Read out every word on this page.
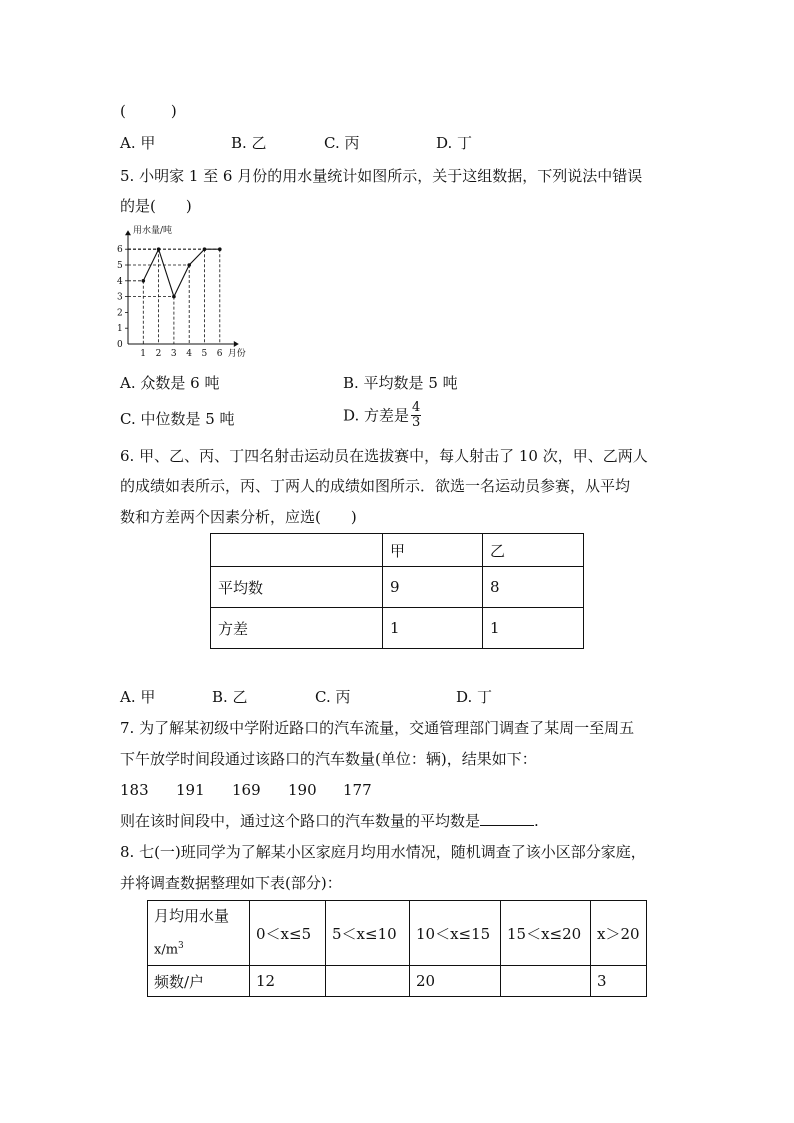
(　　　)
A. 甲	B. 乙	C. 丙	D. 丁
5. 小明家 1 至 6 月份的用水量统计如图所示，关于这组数据，下列说法中错误
的是(　　)
用水量/吨
月份
0
1
2
3
4
5
6
1 2 3 4 5 6
A. 众数是 6 吨	B. 平均数是 5 吨
C. 中位数是 5 吨	D. 方差是 $\frac{4}{3}$
6. 甲、乙、丙、丁四名射击运动员在选拔赛中，每人射击了 10 次，甲、乙两人
的成绩如表所示，丙、丁两人的成绩如图所示．欲选一名运动员参赛，从平均
数和方差两个因素分析，应选(　　)
	甲	乙
平均数	9	8
方差	1	1
A. 甲	B. 乙	C. 丙	D. 丁
7. 为了解某初级中学附近路口的汽车流量，交通管理部门调查了某周一至周五
下午放学时间段通过该路口的汽车数量(单位：辆)，结果如下：
183 191 169 190 177
则在该时间段中，通过这个路口的汽车数量的平均数是	.
8. 七(一)班同学为了解某小区家庭月均用水情况，随机调查了该小区部分家庭，
并将调查数据整理如下表(部分)：
月均用水量
$x/m^3$	0＜x≤5	5＜x≤10	10＜x≤15	15＜x≤20	x＞20
频数/户	12		20		3
